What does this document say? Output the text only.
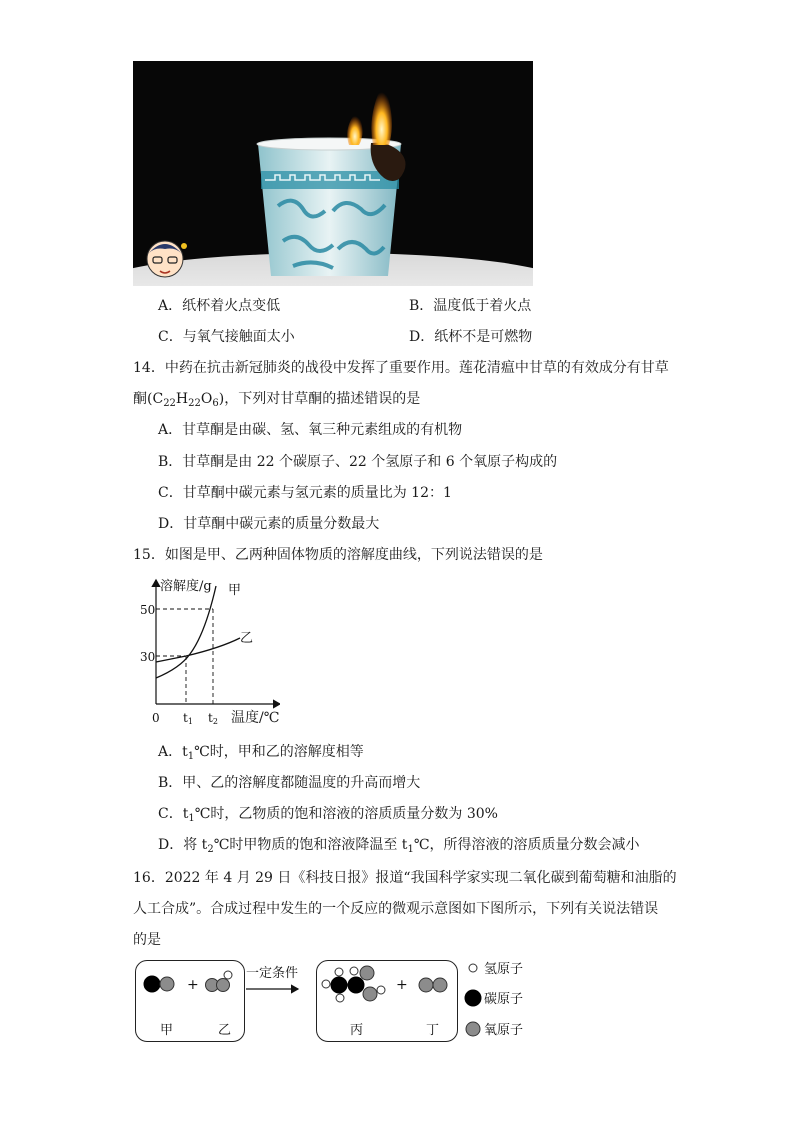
A．纸杯着火点变低	B．温度低于着火点
C．与氧气接触面太小	D．纸杯不是可燃物
14．中药在抗击新冠肺炎的战役中发挥了重要作用。莲花清瘟中甘草的有效成分有甘草
酮$(C_{22}H_{22}O_6)$，下列对甘草酮的描述错误的是
A．甘草酮是由碳、氢、氧三种元素组成的有机物
B．甘草酮是由 22 个碳原子、22 个氢原子和 6 个氧原子构成的
C．甘草酮中碳元素与氢元素的质量比为 12：1
D．甘草酮中碳元素的质量分数最大
15．如图是甲、乙两种固体物质的溶解度曲线，下列说法错误的是
溶解度/g
50
30
0 t1 t2
甲
乙
温度/℃
A．$t_1℃$时，甲和乙的溶解度相等
B．甲、乙的溶解度都随温度的升高而增大
C．$t_1℃$时，乙物质的饱和溶液的溶质质量分数为 30%
D．将 $t_2℃$时甲物质的饱和溶液降温至 $t_1℃$，所得溶液的溶质质量分数会减小
16．2022 年 4 月 29 日《科技日报》报道“我国科学家实现二氧化碳到葡萄糖和油脂的
人工合成”。合成过程中发生的一个反应的微观示意图如下图所示，下列有关说法错误
的是
+
甲	乙
一定条件
+
丙	丁
氢原子
碳原子
氧原子
